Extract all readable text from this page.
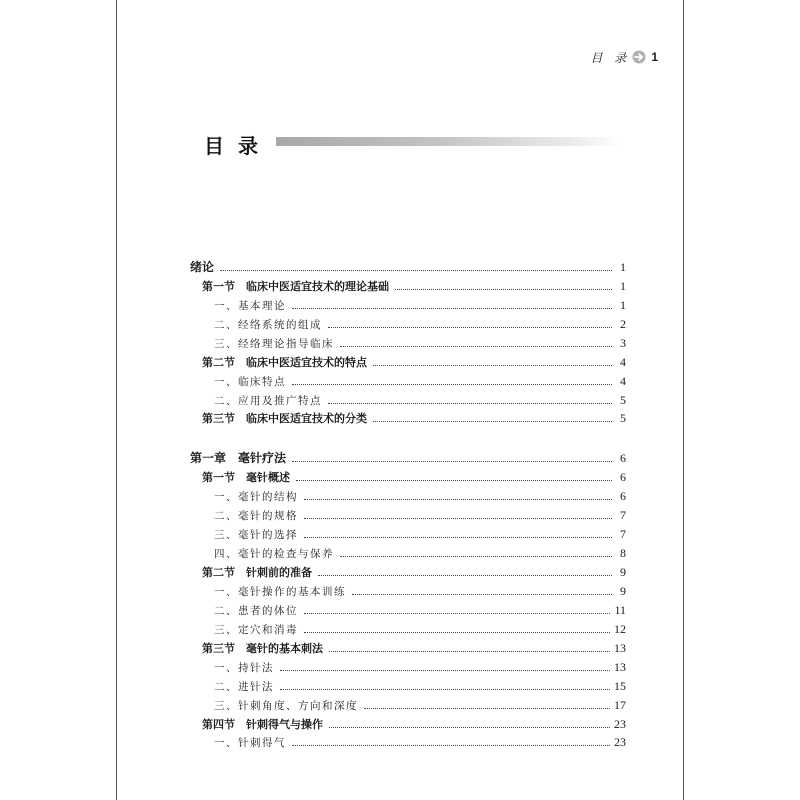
目 录 1
目录
绪论	1
第一节　临床中医适宜技术的理论基础	1
一、基本理论	1
二、经络系统的组成	2
三、经络理论指导临床	3
第二节　临床中医适宜技术的特点	4
一、临床特点	4
二、应用及推广特点	5
第三节　临床中医适宜技术的分类	5
第一章　毫针疗法	6
第一节　毫针概述	6
一、毫针的结构	6
二、毫针的规格	7
三、毫针的选择	7
四、毫针的检查与保养	8
第二节　针刺前的准备	9
一、毫针操作的基本训练	9
二、患者的体位	11
三、定穴和消毒	12
第三节　毫针的基本刺法	13
一、持针法	13
二、进针法	15
三、针刺角度、方向和深度	17
第四节　针刺得气与操作	23
一、针刺得气	23
